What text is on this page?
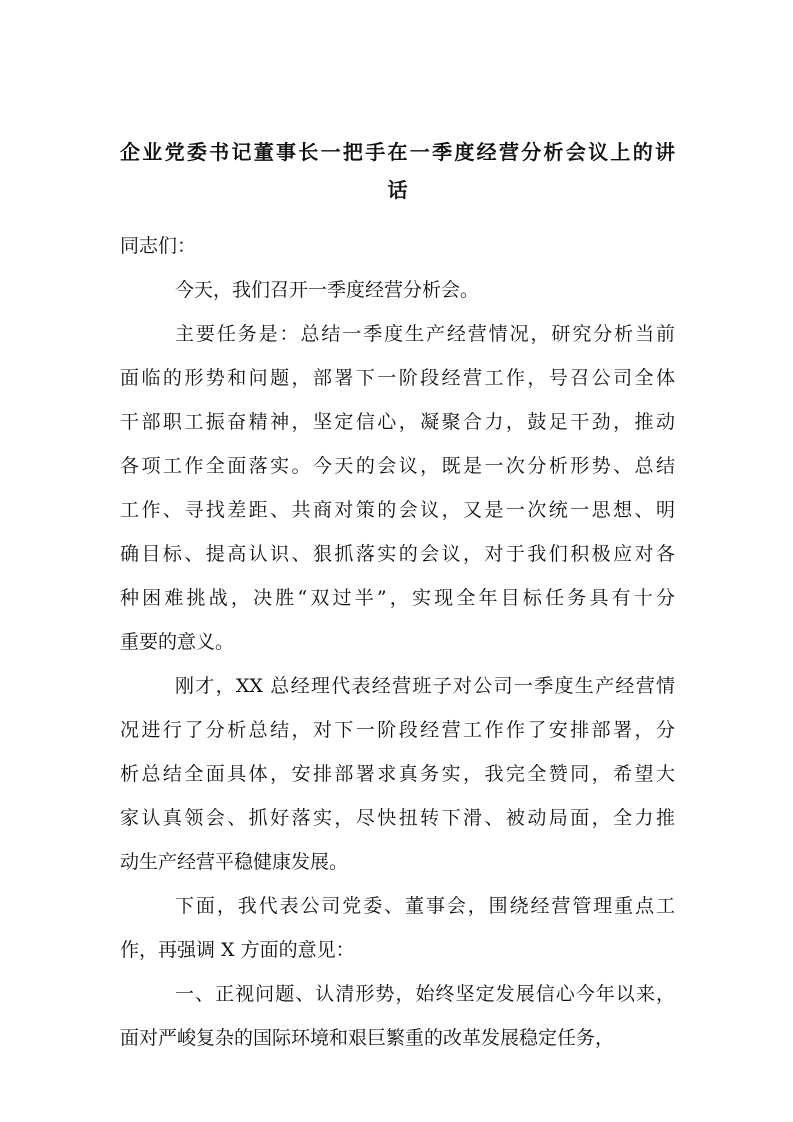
企业党委书记董事长一把手在一季度经营分析会议上的讲
话
同志们：
今天，我们召开一季度经营分析会。
主要任务是：总结一季度生产经营情况，研究分析当前
面临的形势和问题，部署下一阶段经营工作，号召公司全体
干部职工振奋精神，坚定信心，凝聚合力，鼓足干劲，推动
各项工作全面落实。今天的会议，既是一次分析形势、总结
工作、寻找差距、共商对策的会议，又是一次统一思想、明
确目标、提高认识、狠抓落实的会议，对于我们积极应对各
种困难挑战，决胜“双过半”，实现全年目标任务具有十分
重要的意义。
刚才，XX 总经理代表经营班子对公司一季度生产经营情
况进行了分析总结，对下一阶段经营工作作了安排部署，分
析总结全面具体，安排部署求真务实，我完全赞同，希望大
家认真领会、抓好落实，尽快扭转下滑、被动局面，全力推
动生产经营平稳健康发展。
下面，我代表公司党委、董事会，围绕经营管理重点工
作，再强调 X 方面的意见：
一、正视问题、认清形势，始终坚定发展信心今年以来，
面对严峻复杂的国际环境和艰巨繁重的改革发展稳定任务，
